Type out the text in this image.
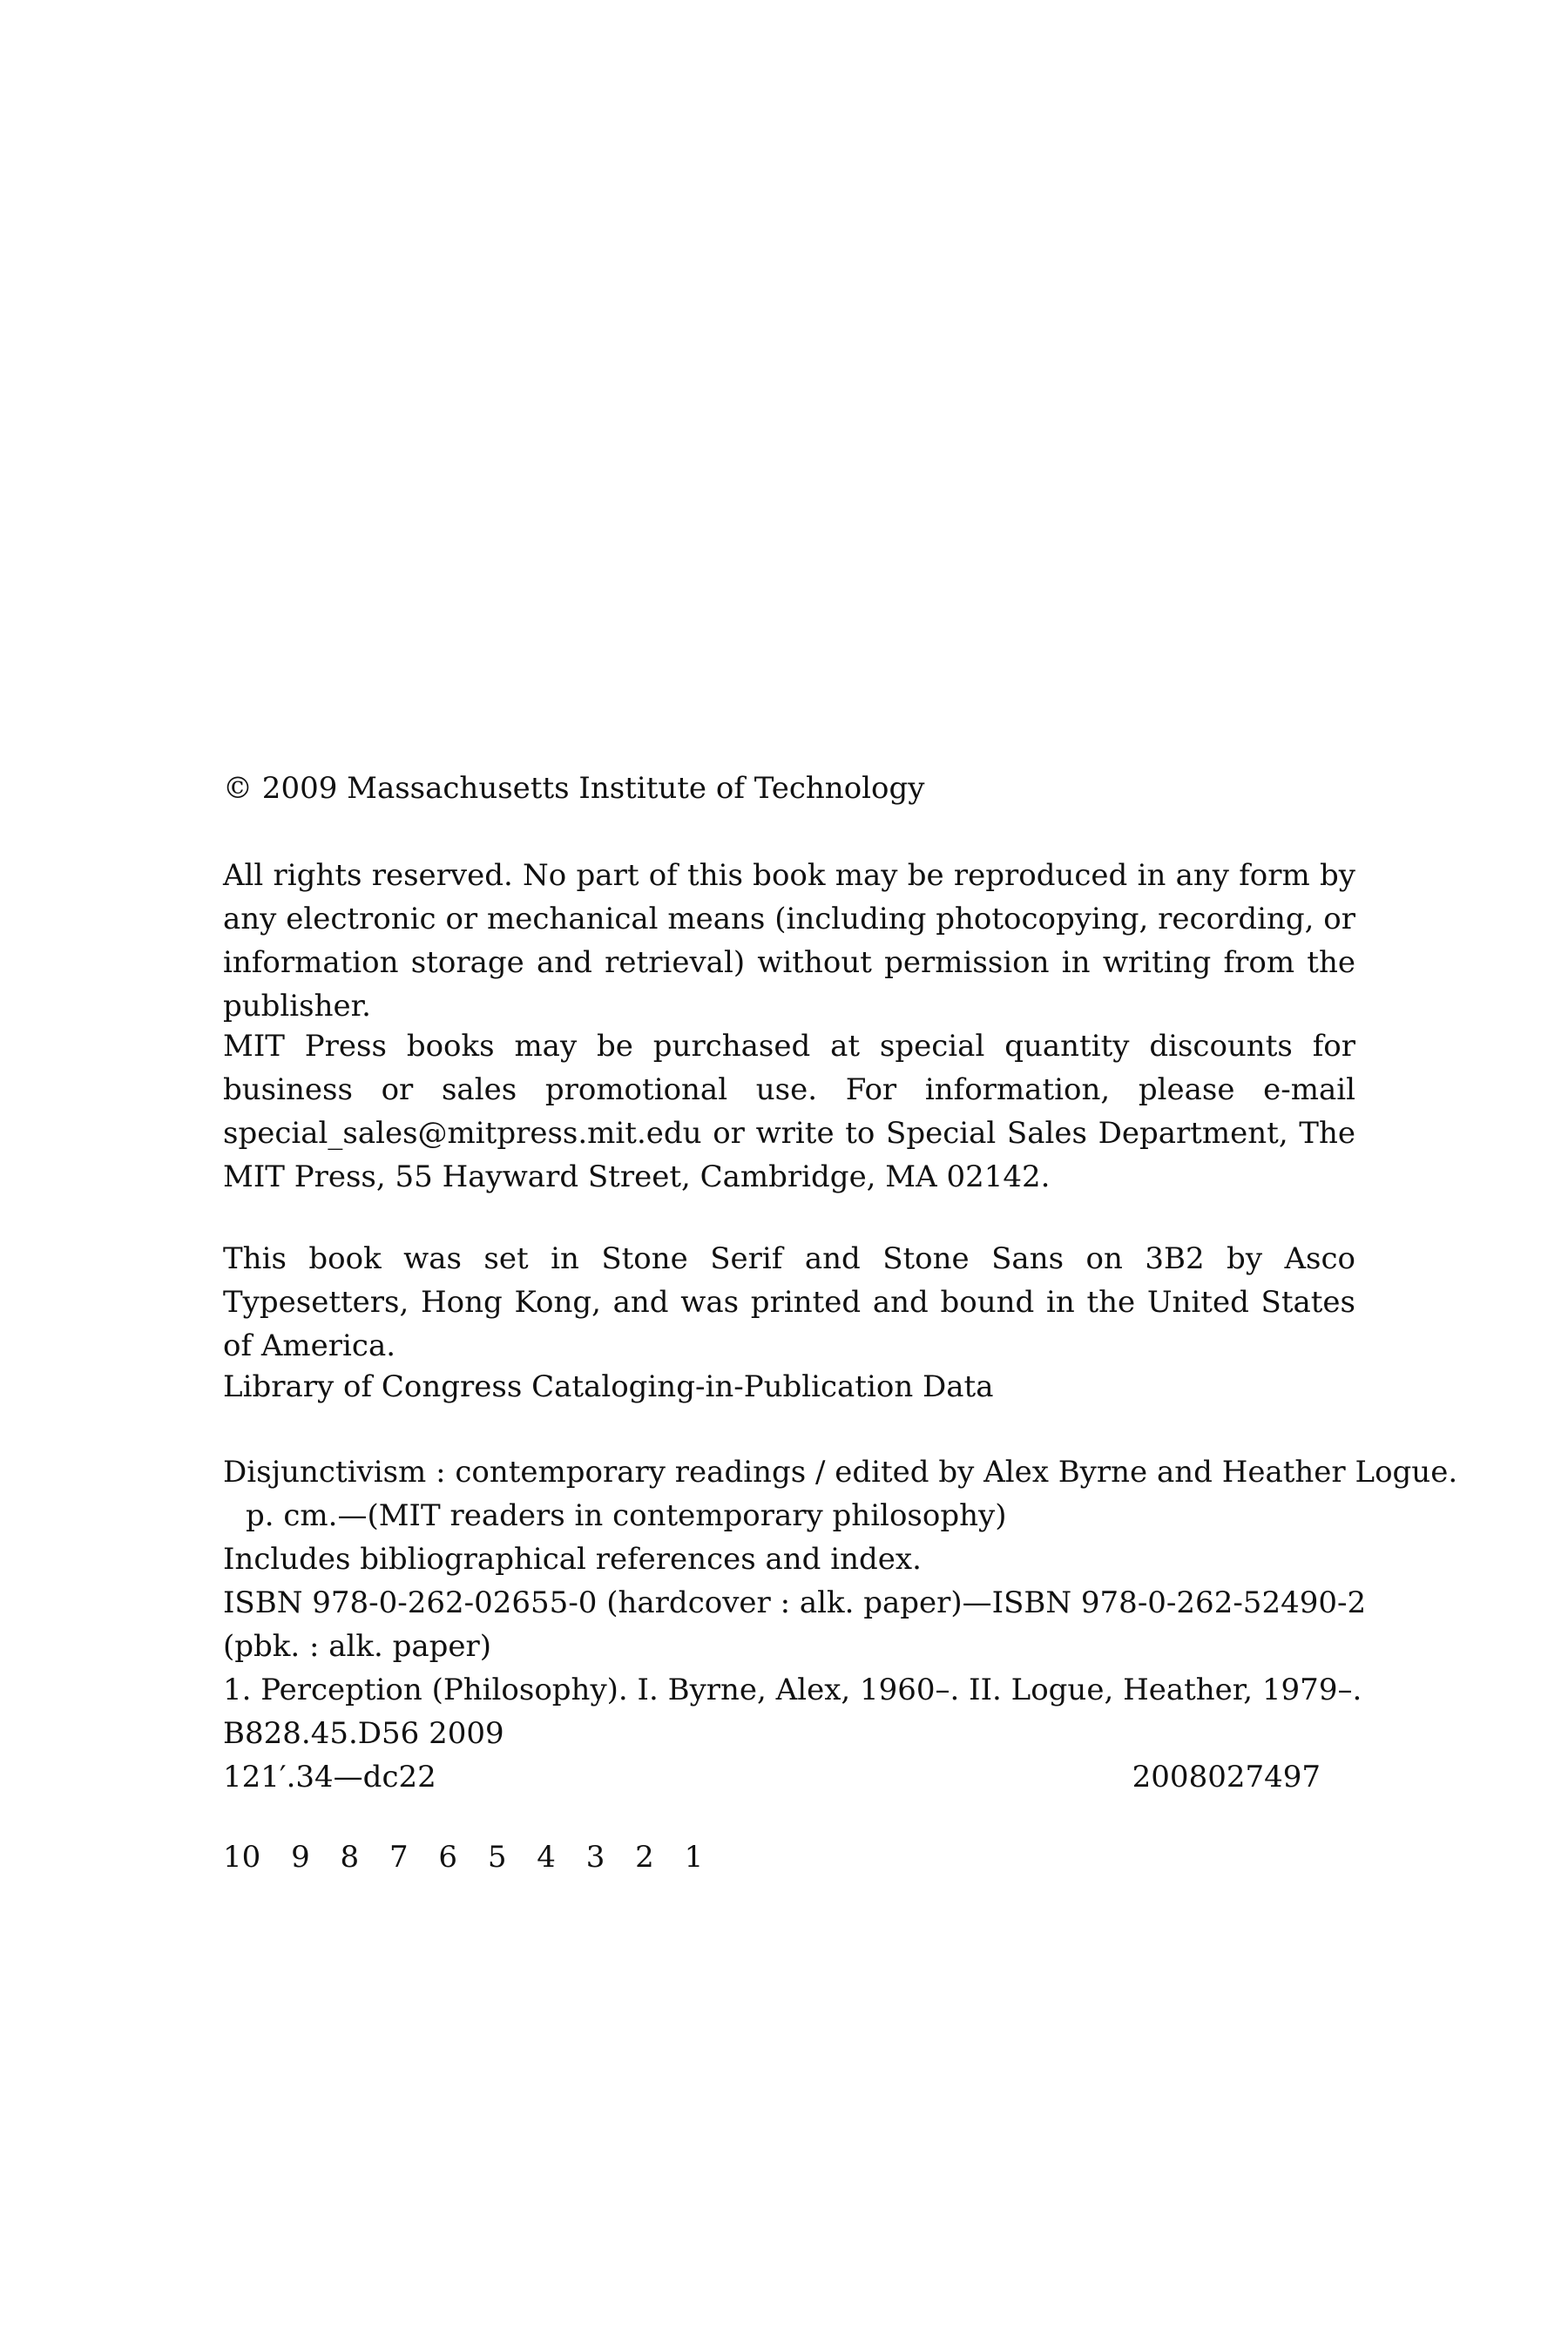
© 2009 Massachusetts Institute of Technology

All rights reserved. No part of this book may be reproduced in any form by any electronic or mechanical means (including photocopying, recording, or information storage and retrieval) without permission in writing from the publisher.

MIT Press books may be purchased at special quantity discounts for business or sales promotional use. For information, please e-mail special_sales@mitpress.mit.edu or write to Special Sales Department, The MIT Press, 55 Hayward Street, Cambridge, MA 02142.

This book was set in Stone Serif and Stone Sans on 3B2 by Asco Typesetters, Hong Kong, and was printed and bound in the United States of America.

Library of Congress Cataloging-in-Publication Data

Disjunctivism : contemporary readings / edited by Alex Byrne and Heather Logue.
p. cm.—(MIT readers in contemporary philosophy)
Includes bibliographical references and index.
ISBN 978-0-262-02655-0 (hardcover : alk. paper)—ISBN 978-0-262-52490-2
(pbk. : alk. paper)
1. Perception (Philosophy). I. Byrne, Alex, 1960–. II. Logue, Heather, 1979–.
B828.45.D56 2009
121′.34—dc22	2008027497

10 9 8 7 6 5 4 3 2 1
